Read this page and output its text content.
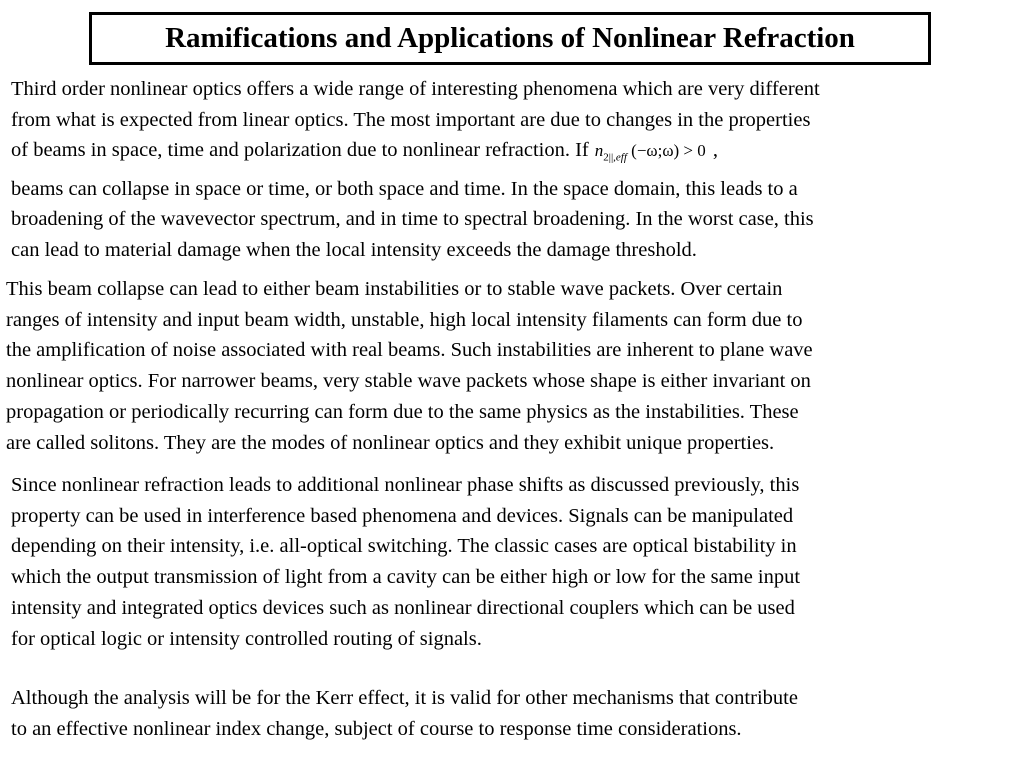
Ramifications and Applications of Nonlinear Refraction
Third order nonlinear optics offers a wide range of interesting phenomena which are very different
from what is expected from linear optics. The most important are due to changes in the properties
of beams in space, time and polarization due to nonlinear refraction. If $n_{2||,eff}$ (−ω;ω) > 0 ,
beams can collapse in space or time, or both space and time. In the space domain, this leads to a
broadening of the wavevector spectrum, and in time to spectral broadening. In the worst case, this
can lead to material damage when the local intensity exceeds the damage threshold.
This beam collapse can lead to either beam instabilities or to stable wave packets. Over certain
ranges of intensity and input beam width, unstable, high local intensity filaments can form due to
the amplification of noise associated with real beams. Such instabilities are inherent to plane wave
nonlinear optics. For narrower beams, very stable wave packets whose shape is either invariant on
propagation or periodically recurring can form due to the same physics as the instabilities. These
are called solitons. They are the modes of nonlinear optics and they exhibit unique properties.
Since nonlinear refraction leads to additional nonlinear phase shifts as discussed previously, this
property can be used in interference based phenomena and devices. Signals can be manipulated
depending on their intensity, i.e. all-optical switching. The classic cases are optical bistability in
which the output transmission of light from a cavity can be either high or low for the same input
intensity and integrated optics devices such as nonlinear directional couplers which can be used
for optical logic or intensity controlled routing of signals.
Although the analysis will be for the Kerr effect, it is valid for other mechanisms that contribute
to an effective nonlinear index change, subject of course to response time considerations.
